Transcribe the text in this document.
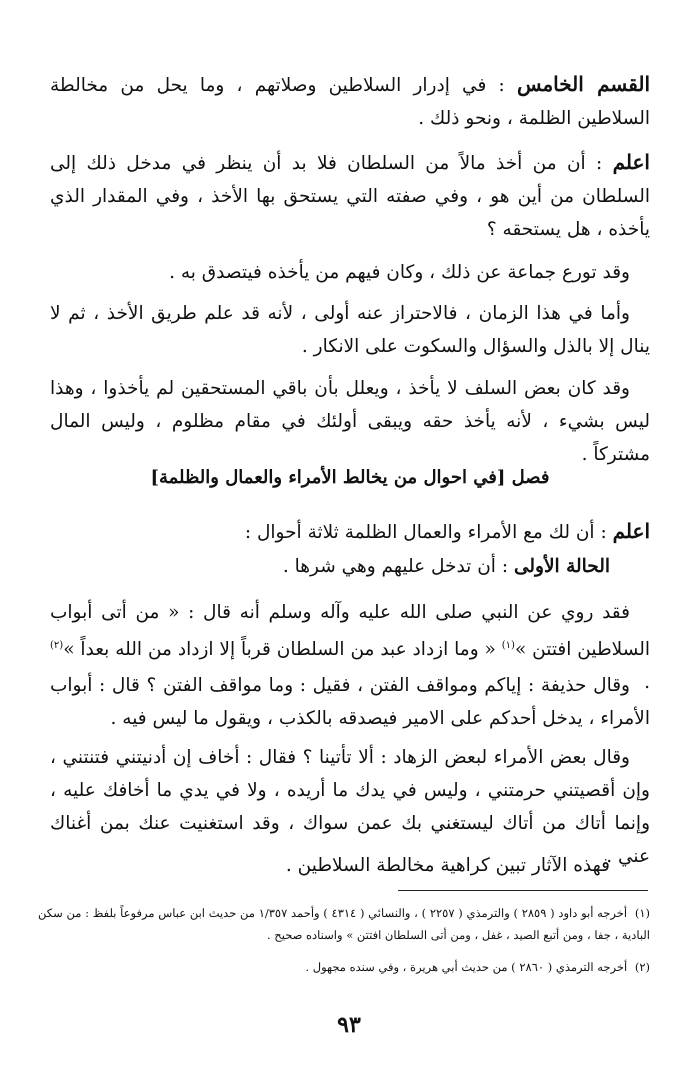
القسم الخامس : في إدرار السلاطين وصلاتهم ، وما يحل من مخالطة السلاطين الظلمة ، ونحو ذلك .

اعلم : أن من أخذ مالاً من السلطان فلا بد أن ينظر في مدخل ذلك إلى السلطان من أين هو ، وفي صفته التي يستحق بها الأخذ ، وفي المقدار الذي يأخذه ، هل يستحقه ؟

وقد تورع جماعة عن ذلك ، وكان فيهم من يأخذه فيتصدق به .

وأما في هذا الزمان ، فالاحتراز عنه أولى ، لأنه قد علم طريق الأخذ ، ثم لا ينال إلا بالذل والسؤال والسكوت على الانكار .

وقد كان بعض السلف لا يأخذ ، ويعلل بأن باقي المستحقين لم يأخذوا ، وهذا ليس بشيء ، لأنه يأخذ حقه ويبقى أولئك في مقام مظلوم ، وليس المال مشتركاً .

فصل [في احوال من يخالط الأمراء والعمال والظلمة]

اعلم : أن لك مع الأمراء والعمال الظلمة ثلاثة أحوال :

الحالة الأولى : أن تدخل عليهم وهي شرها .

فقد روي عن النبي صلى الله عليه وآله وسلم أنه قال : « من أتى أبواب السلاطين افتتن »$^{(١)}$ « وما ازداد عبد من السلطان قرباً إلا ازداد من الله بعداً »$^{(٢)}$ .

وقال حذيفة : إياكم ومواقف الفتن ، فقيل : وما مواقف الفتن ؟ قال : أبواب الأمراء ، يدخل أحدكم على الامير فيصدقه بالكذب ، ويقول ما ليس فيه .

وقال بعض الأمراء لبعض الزهاد : ألا تأتينا ؟ فقال : أخاف إن أدنيتني فتنتني ، وإن أقصيتني حرمتني ، وليس في يدك ما أريده ، ولا في يدي ما أخافك عليه ، وإنما أتاك من أتاك ليستغني بك عمن سواك ، وقد استغنيت عنك بمن أغناك عني .

فهذه الآثار تبين كراهية مخالطة السلاطين .

(١) أخرجه أبو داود ( ٢٨٥٩ ) والترمذي ( ٢٢٥٧ ) ، والنسائي ( ٤٣١٤ ) وأحمد ١/٣٥٧ من حديث ابن عباس مرفوعاً بلفظ : من سكن البادية ، جفا ، ومن أتبع الصيد ، غفل ، ومن أتى السلطان افتتن » واسناده صحيح .

(٢) أخرجه الترمذي ( ٢٨٦٠ ) من حديث أبي هريرة ، وفي سنده مجهول .

٩٣
